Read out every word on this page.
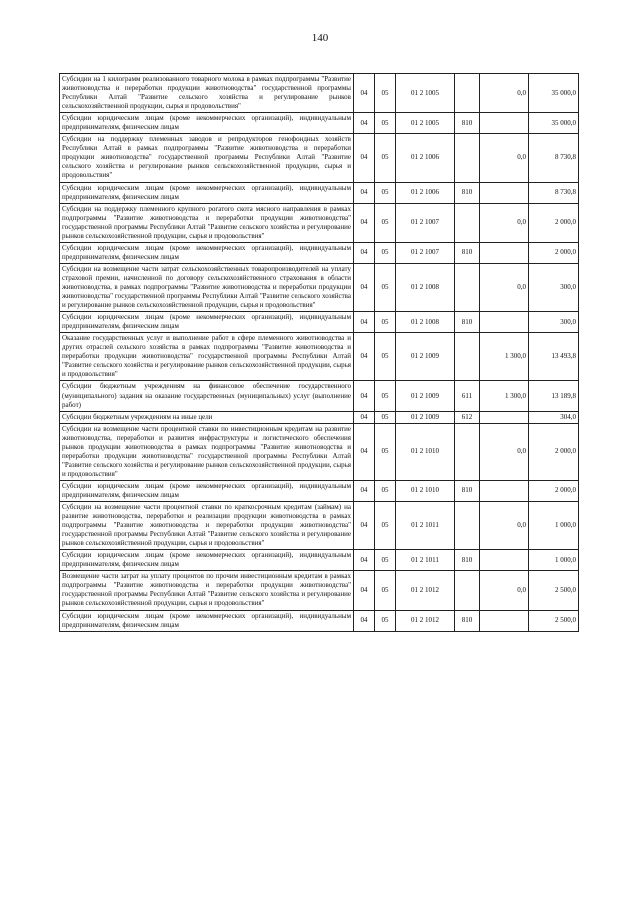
140
Субсидии на 1 килограмм реализованного товарного молока в рамках подпрограммы "Развитие животноводства и переработки продукции животноводства" государственной программы Республики Алтай "Развитие сельского хозяйства и регулирование рынков сельскохозяйственной продукции, сырья и продовольствия"	04	05	01 2 1005		0,0	35 000,0
Субсидии юридическим лицам (кроме некоммерческих организаций), индивидуальным предпринимателям, физическим лицам	04	05	01 2 1005	810		35 000,0
Субсидии на поддержку племенных заводов и репродукторов генофондных хозяйств Республики Алтай в рамках подпрограммы "Развитие животноводства и переработки продукции животноводства" государственной программы Республики Алтай "Развитие сельского хозяйства и регулирование рынков сельскохозяйственной продукции, сырья и продовольствия"	04	05	01 2 1006		0,0	8 730,8
Субсидии юридическим лицам (кроме некоммерческих организаций), индивидуальным предпринимателям, физическим лицам	04	05	01 2 1006	810		8 730,8
Субсидии на поддержку племенного крупного рогатого скота мясного направления в рамках подпрограммы "Развитие животноводства и переработки продукции животноводства" государственной программы Республики Алтай "Развитие сельского хозяйства и регулирование рынков сельскохозяйственной продукции, сырья и продовольствия"	04	05	01 2 1007		0,0	2 000,0
Субсидии юридическим лицам (кроме некоммерческих организаций), индивидуальным предпринимателям, физическим лицам	04	05	01 2 1007	810		2 000,0
Субсидии на возмещение части затрат сельскохозяйственных товаропроизводителей на уплату страховой премии, начисленной по договору сельскохозяйственного страхования в области животноводства, в рамках подпрограммы "Развитие животноводства и переработки продукции животноводства" государственной программы Республики Алтай "Развитие сельского хозяйства и регулирование рынков сельскохозяйственной продукции, сырья и продовольствия"	04	05	01 2 1008		0,0	300,0
Субсидии юридическим лицам (кроме некоммерческих организаций), индивидуальным предпринимателям, физическим лицам	04	05	01 2 1008	810		300,0
Оказание государственных услуг и выполнение работ в сфере племенного животноводства и других отраслей сельского хозяйства в рамках подпрограммы "Развитие животноводства и переработки продукции животноводства" государственной программы Республики Алтай "Развитие сельского хозяйства и регулирование рынков сельскохозяйственной продукции, сырья и продовольствия"	04	05	01 2 1009		1 300,0	13 493,8
Субсидии бюджетным учреждениям на финансовое обеспечение государственного (муниципального) задания на оказание государственных (муниципальных) услуг (выполнение работ)	04	05	01 2 1009	611	1 300,0	13 189,8
Субсидии бюджетным учреждениям на иные цели	04	05	01 2 1009	612		304,0
Субсидии на возмещение части процентной ставки по инвестиционным кредитам на развитие животноводства, переработки и развития инфраструктуры и логистического обеспечения рынков продукции животноводства в рамках подпрограммы "Развитие животноводства и переработки продукции животноводства" государственной программы Республики Алтай "Развитие сельского хозяйства и регулирование рынков сельскохозяйственной продукции, сырья и продовольствия"	04	05	01 2 1010		0,0	2 000,0
Субсидии юридическим лицам (кроме некоммерческих организаций), индивидуальным предпринимателям, физическим лицам	04	05	01 2 1010	810		2 000,0
Субсидии на возмещение части процентной ставки по краткосрочным кредитам (займам) на развитие животноводства, переработки и реализации продукции животноводства в рамках подпрограммы "Развитие животноводства и переработки продукции животноводства" государственной программы Республики Алтай "Развитие сельского хозяйства и регулирование рынков сельскохозяйственной продукции, сырья и продовольствия"	04	05	01 2 1011		0,0	1 000,0
Субсидии юридическим лицам (кроме некоммерческих организаций), индивидуальным предпринимателям, физическим лицам	04	05	01 2 1011	810		1 000,0
Возмещение части затрат на уплату процентов по прочим инвестиционным кредитам в рамках подпрограммы "Развитие животноводства и переработки продукции животноводства" государственной программы Республики Алтай "Развитие сельского хозяйства и регулирование рынков сельскохозяйственной продукции, сырья и продовольствия"	04	05	01 2 1012		0,0	2 500,0
Субсидии юридическим лицам (кроме некоммерческих организаций), индивидуальным предпринимателям, физическим лицам	04	05	01 2 1012	810		2 500,0
